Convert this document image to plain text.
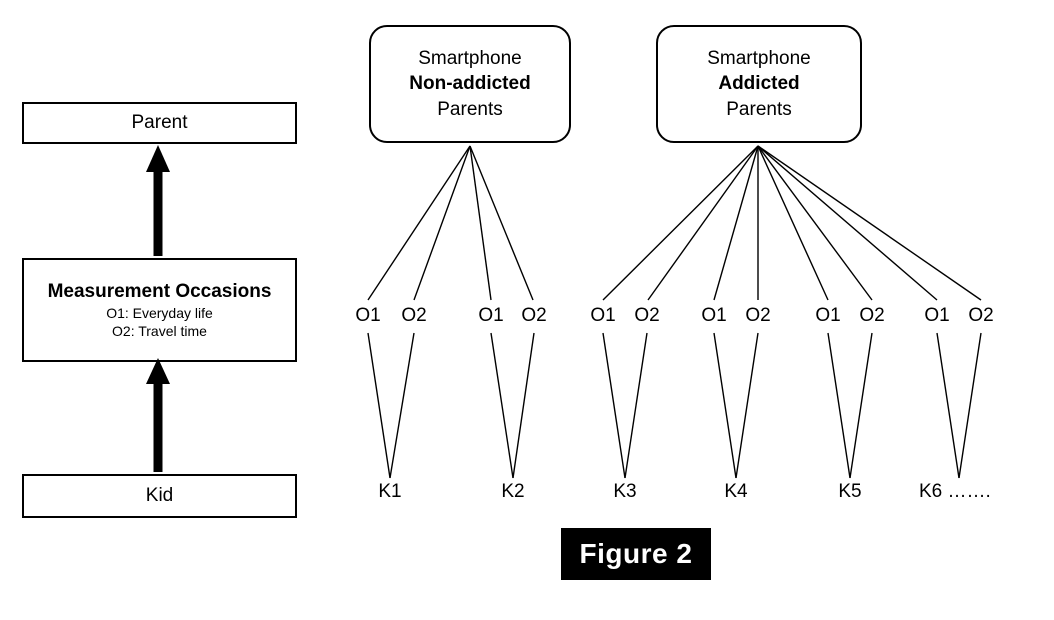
Parent
Measurement Occasions
O1: Everyday life
O2: Travel time
Kid
Smartphone
Non-addicted
Parents
Smartphone
Addicted
Parents
O1	O2	O1 O2	O1 O2	O1 O2	O1 O2	O1 O2
K1	K2	K3	K4	K5	K6 …….
Figure 2
